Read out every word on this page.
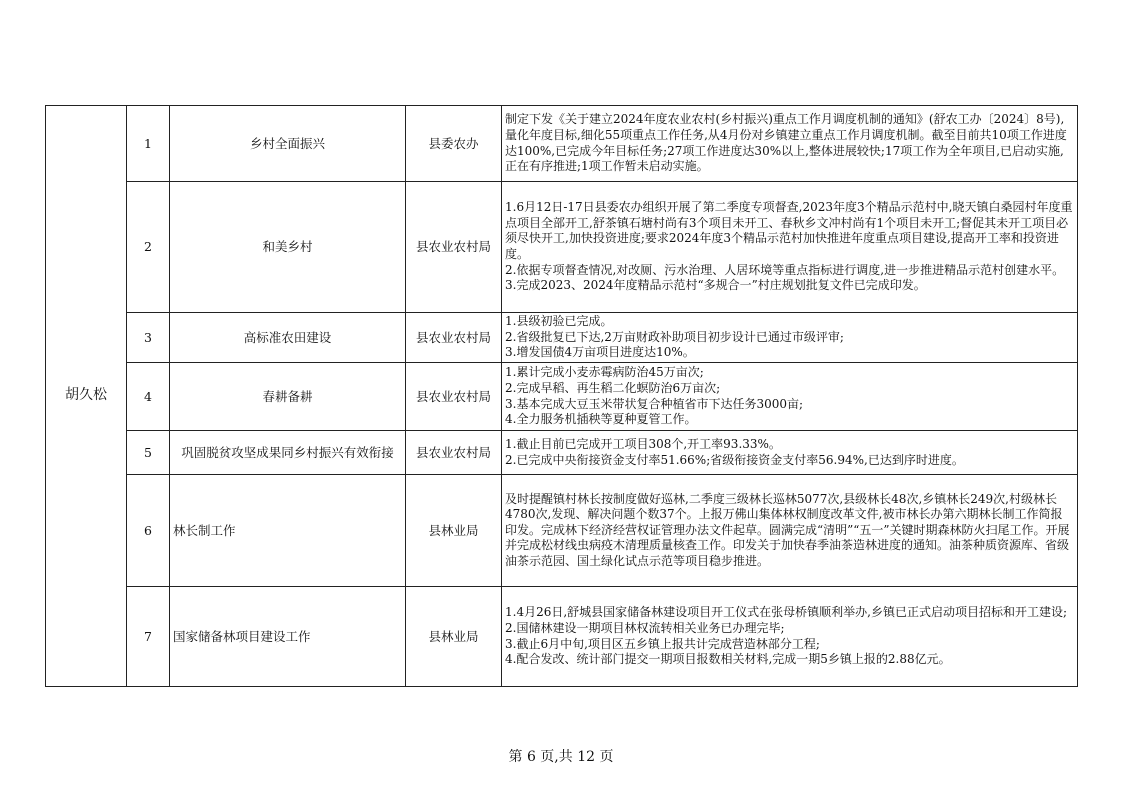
胡久松	1	乡村全面振兴	县委农办	制定下发《关于建立2024年度农业农村(乡村振兴)重点工作月调度机制的通知》(舒农工办〔2024〕8号),量化年度目标,细化55项重点工作任务,从4月份对乡镇建立重点工作月调度机制。截至目前共10项工作进度达100%,已完成今年目标任务;27项工作进度达30%以上,整体进展较快;17项工作为全年项目,已启动实施,正在有序推进;1项工作暂未启动实施。

	2	和美乡村	县农业农村局	1.6月12日-17日县委农办组织开展了第二季度专项督查,2023年度3个精品示范村中,晓天镇白桑园村年度重点项目全部开工,舒茶镇石塘村尚有3个项目未开工、春秋乡文冲村尚有1个项目未开工;督促其未开工项目必须尽快开工,加快投资进度;要求2024年度3个精品示范村加快推进年度重点项目建设,提高开工率和投资进度。
2.依据专项督查情况,对改厕、污水治理、人居环境等重点指标进行调度,进一步推进精品示范村创建水平。
3.完成2023、2024年度精品示范村“多规合一”村庄规划批复文件已完成印发。

	3	高标准农田建设	县农业农村局	1.县级初验已完成。
2.省级批复已下达,2万亩财政补助项目初步设计已通过市级评审;
3.增发国债4万亩项目进度达10%。

	4	春耕备耕	县农业农村局	1.累计完成小麦赤霉病防治45万亩次;
2.完成早稻、再生稻二化螟防治6万亩次;
3.基本完成大豆玉米带状复合种植省市下达任务3000亩;
4.全力服务机插秧等夏种夏管工作。

	5	巩固脱贫攻坚成果同乡村振兴有效衔接	县农业农村局	1.截止目前已完成开工项目308个,开工率93.33%。
2.已完成中央衔接资金支付率51.66%;省级衔接资金支付率56.94%,已达到序时进度。

	6	林长制工作	县林业局	及时提醒镇村林长按制度做好巡林,二季度三级林长巡林5077次,县级林长48次,乡镇林长249次,村级林长4780次,发现、解决问题个数37个。上报万佛山集体林权制度改革文件,被市林长办第六期林长制工作简报印发。完成林下经济经营权证管理办法文件起草。圆满完成“清明”“五一”关键时期森林防火扫尾工作。开展并完成松材线虫病疫木清理质量核查工作。印发关于加快春季油茶造林进度的通知。油茶种质资源库、省级油茶示范园、国土绿化试点示范等项目稳步推进。

	7	国家储备林项目建设工作	县林业局	1.4月26日,舒城县国家储备林建设项目开工仪式在张母桥镇顺利举办,乡镇已正式启动项目招标和开工建设;
2.国储林建设一期项目林权流转相关业务已办理完毕;
3.截止6月中旬,项目区五乡镇上报共计完成营造林部分工程;
4.配合发改、统计部门提交一期项目报数相关材料,完成一期5乡镇上报的2.88亿元。
第 6 页,共 12 页
